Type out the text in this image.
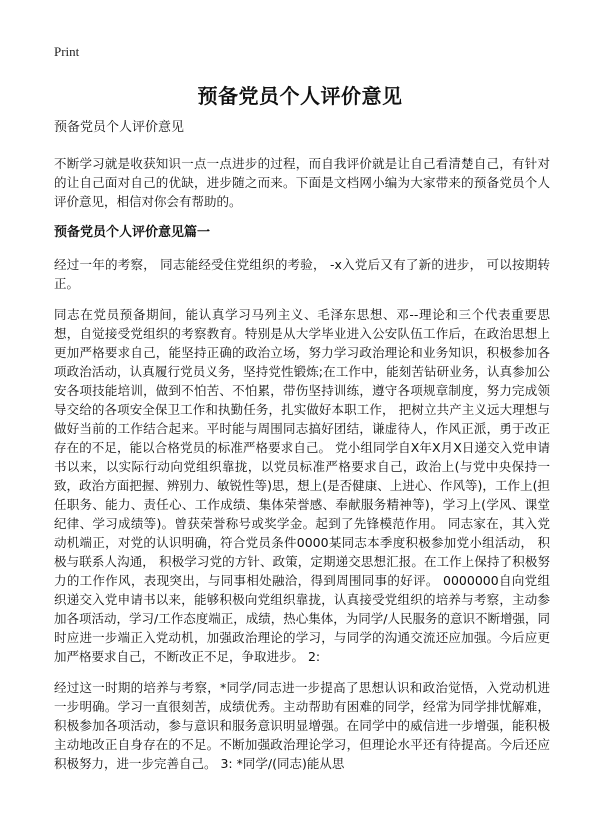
Print
预备党员个人评价意见
预备党员个人评价意见

不断学习就是收获知识一点一点进步的过程，而自我评价就是让自己看清楚自己，有针对的让自己面对自己的优缺，进步随之而来。下面是文档网小编为大家带来的预备党员个人评价意见，相信对你会有帮助的。

预备党员个人评价意见篇一

经过一年的考察， 同志能经受住党组织的考验， -x入党后又有了新的进步， 可以按期转正。

同志在党员预备期间，能认真学习马列主义、毛泽东思想、邓--理论和三个代表重要思想，自觉接受党组织的考察教育。特别是从大学毕业进入公安队伍工作后，在政治思想上更加严格要求自己，能坚持正确的政治立场，努力学习政治理论和业务知识，积极参加各项政治活动，认真履行党员义务，坚持党性锻炼;在工作中，能刻苦钻研业务，认真参加公安各项技能培训，做到不怕苦、不怕累，带伤坚持训练，遵守各项规章制度，努力完成领导交给的各项安全保卫工作和执勤任务，扎实做好本职工作， 把树立共产主义远大理想与做好当前的工作结合起来。平时能与周围同志搞好团结，谦虚待人，作风正派，勇于改正存在的不足，能以合格党员的标准严格要求自己。 党小组同学自X年X月X日递交入党申请书以来，以实际行动向党组织靠拢，以党员标准严格要求自己，政治上(与党中央保持一致，政治方面把握、辨别力、敏锐性等)思，想上(是否健康、上进心、作风等)，工作上(担任职务、能力、责任心、工作成绩、集体荣誉感、奉献服务精神等)，学习上(学风、课堂纪律、学习成绩等)。曾获荣誉称号或奖学金。起到了先锋模范作用。 同志家在，其入党动机端正，对党的认识明确，符合党员条件0000某同志本季度积极参加党小组活动， 积极与联系人沟通， 积极学习党的方针、政策，定期递交思想汇报。在工作上保持了积极努力的工作作风，表现突出，与同事相处融洽，得到周围同事的好评。 0000000自向党组织递交入党申请书以来，能够积极向党组织靠拢，认真接受党组织的培养与考察，主动参加各项活动，学习/工作态度端正，成绩，热心集体，为同学/人民服务的意识不断增强，同时应进一步端正入党动机，加强政治理论的学习，与同学的沟通交流还应加强。今后应更加严格要求自己，不断改正不足，争取进步。 2:

经过这一时期的培养与考察，*同学/同志进一步提高了思想认识和政治觉悟，入党动机进一步明确。学习一直很刻苦，成绩优秀。主动帮助有困难的同学，经常为同学排忧解难，积极参加各项活动，参与意识和服务意识明显增强。在同学中的威信进一步增强，能积极主动地改正自身存在的不足。不断加强政治理论学习，但理论水平还有待提高。今后还应积极努力，进一步完善自己。 3: *同学/(同志)能从思
